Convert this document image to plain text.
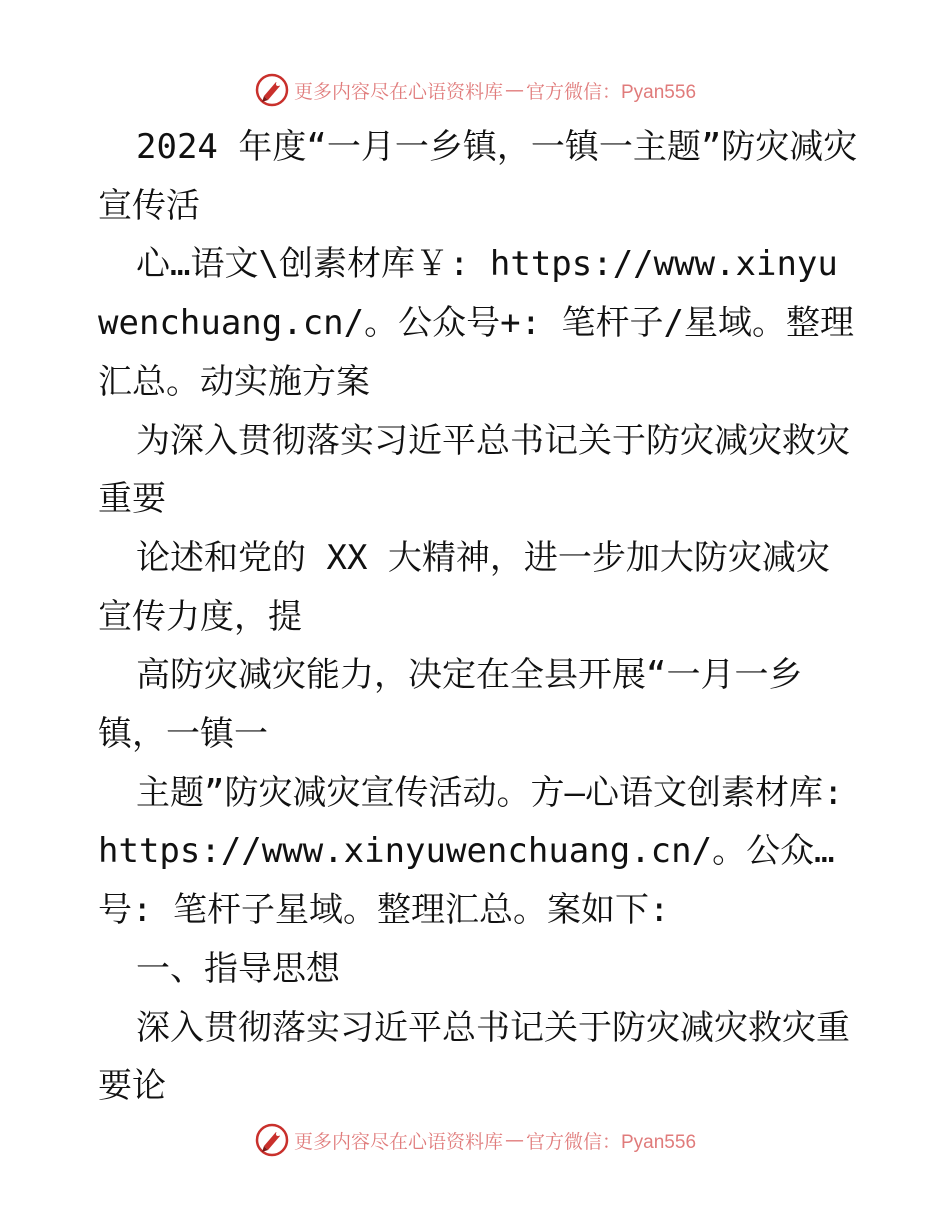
更多内容尽在心语资料库 — 官方微信：Pyan556

2024 年度“一月一乡镇，一镇一主题”防灾减灾宣传活

心…语文\创素材库￥: https://www.xinyuwenchuang.cn/。公众号+: 笔杆子/星域。整理汇总。动实施方案

为深入贯彻落实习近平总书记关于防灾减灾救灾重要

论述和党的 XX 大精神，进一步加大防灾减灾宣传力度，提

高防灾减灾能力，决定在全县开展“一月一乡镇，一镇一

主题”防灾减灾宣传活动。方—心语文创素材库: https://www.xinyuwenchuang.cn/。公众…号: 笔杆子星域。整理汇总。案如下:

一、指导思想

深入贯彻落实习近平总书记关于防灾减灾救灾重要论

更多内容尽在心语资料库 — 官方微信：Pyan556
